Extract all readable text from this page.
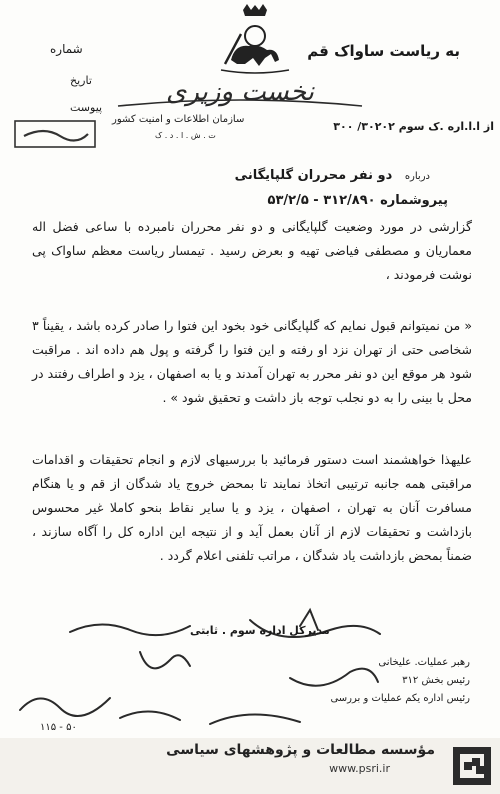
به ریاست ساواک قم
شماره
تاریخ
پیوست
نخست وزیری
سازمان اطلاعات و امنیت کشور
ت . ش . ا . د . ک
از ا.ا.اره .ک سوم ۳۰۲۰۲/ ۳۰۰
درباره دو نفر محرران گلپایگانی
پیروشماره ۳۱۲/۸۹۰ - ۵۳/۲/۵
گزارشی در مورد وضعیت گلپایگانی و دو نفر محرران نامبرده با ساعی فضل اله معماریان و مصطفی فیاضی تهیه و بعرض رسید . تیمسار ریاست معظم ساواک پی نوشت فرمودند ،
« من نمیتوانم قبول نمایم که گلپایگانی خود بخود این فتوا را صادر کرده باشد ، یقیناً ۳ شخاصی حتی از تهران نزد او رفته و این فتوا را گرفته و پول هم داده اند . مراقبت شود هر موقع این دو نفر محرر به تهران آمدند و یا به اصفهان ، یزد و اطراف رفتند در محل با بینی را به دو نجلب توجه باز داشت و تحقیق شود » .
علیهذا خواهشمند است دستور فرمائید با بررسیهای لازم و انجام تحقیقات و اقدامات مراقبتی همه جانبه ترتیبی اتخاذ نمایند تا بمحض خروج یاد شدگان از قم و یا هنگام مسافرت آنان به تهران ، اصفهان ، یزد و یا سایر نقاط بنحو کاملا غیر محسوس بازداشت و تحقیقات لازم از آنان بعمل آید و از نتیجه این اداره کل را آگاه سازند ، ضمناً بمحض بازداشت یاد شدگان ، مراتب تلفنی اعلام گردد .
مدیرکل اداره سوم . ثابتی
رهبر عملیات. علیخانی
رئیس بخش ۳۱۲
رئیس اداره یکم عملیات و بررسی
۱۱۵ - ۵۰
مؤسسه مطالعات و پژوهشهای سیاسی
www.psri.ir
